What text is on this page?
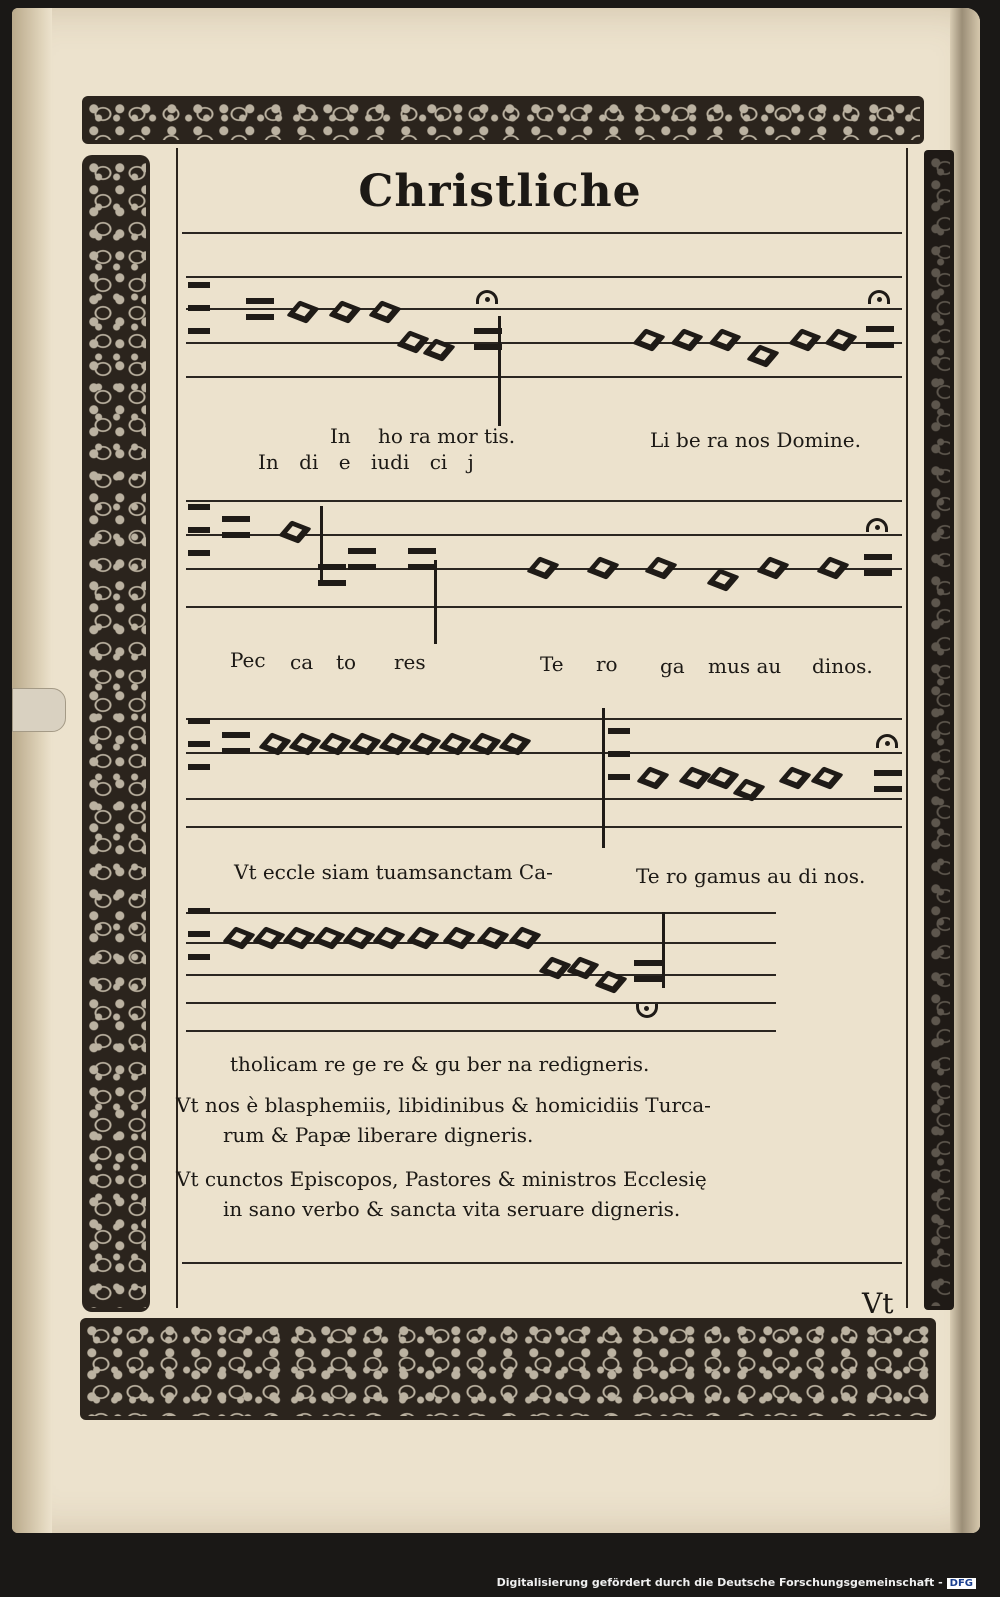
Christliche
In ho ra mor tis.	Li be ra nos Domine.
In di e iudi ci j
Pec ca to res	Te ro ga mus au dinos.
Vt eccle siam tuamsanctam Ca-	Te ro gamus au di nos.
tholicam re ge re & gu ber na redigneris.
Vt nos è blasphemiis, libidinibus & homicidiis Turca-
rum & Papæ liberare digneris.
Vt cunctos Episcopos, Pastores & ministros Ecclesię
in sano verbo & sancta vita seruare digneris.
Vt
Digitalisierung gefördert durch die Deutsche Forschungsgemeinschaft - DFG
